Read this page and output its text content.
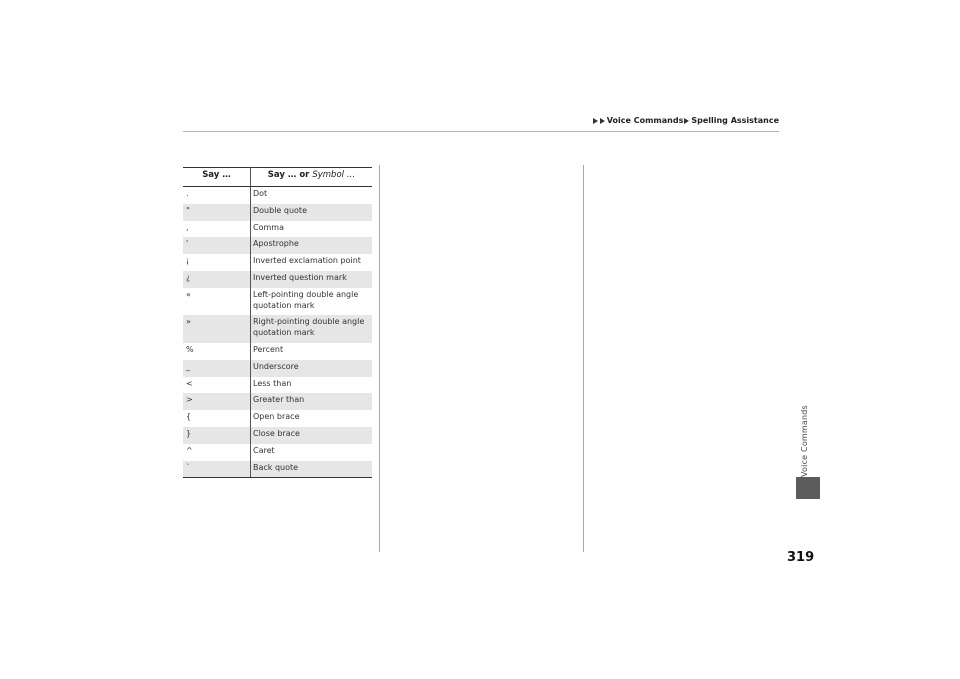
Voice Commands Spelling Assistance
Voice Commands
319
Say …	Say … or Symbol …
.	Dot
"	Double quote
,	Comma
'	Apostrophe
¡	Inverted exclamation point
¿	Inverted question mark
«	Left-pointing double angle quotation mark
»	Right-pointing double angle quotation mark
%	Percent
_	Underscore
<	Less than
>	Greater than
{	Open brace
}	Close brace
^	Caret
`	Back quote
